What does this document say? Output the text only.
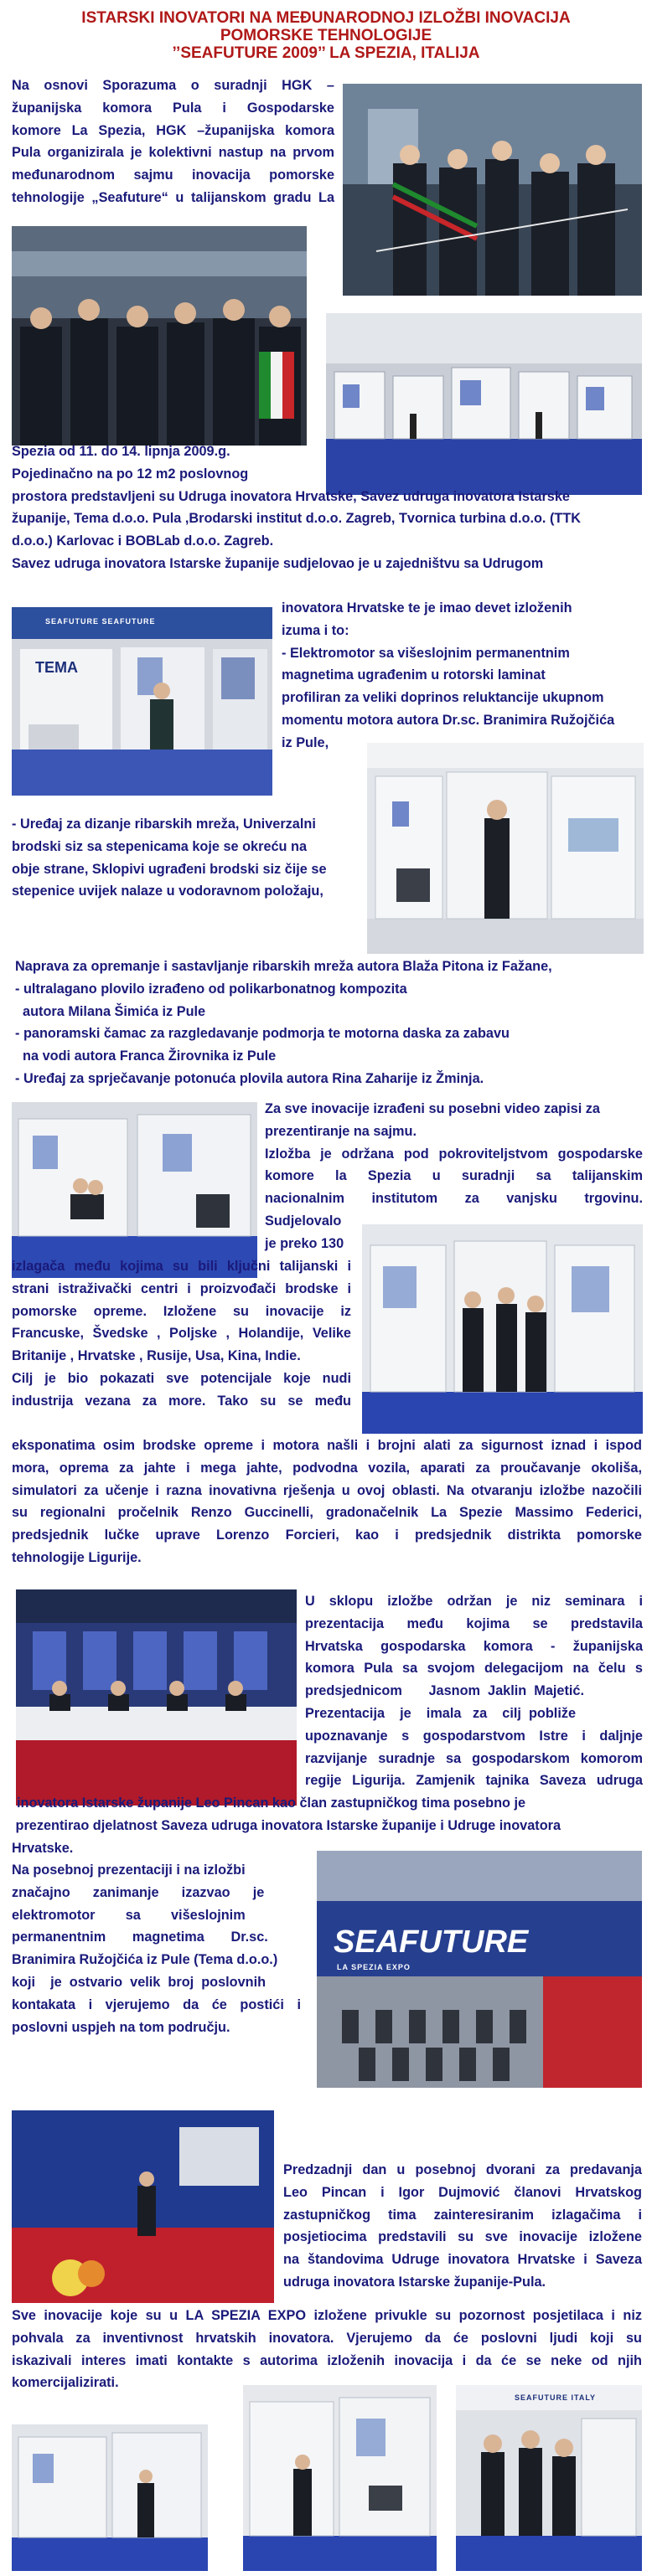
ISTARSKI INOVATORI NA MEĐUNARODNOJ IZLOŽBI INOVACIJA
POMORSKE TEHNOLOGIJE
’’SEAFUTURE 2009’’ LA SPEZIA, ITALIJA
SEAFUTURE SEAFUTURE
TEMA
SEAFUTURE
LA SPEZIA EXPO
SEAFUTURE ITALY
Na osnovi Sporazuma o suradnji HGK –
županijska komora Pula i Gospodarske
komore La Spezia, HGK –županijska komora
Pula organizirala je kolektivni nastup na prvom
međunarodnom sajmu inovacija pomorske
tehnologije „Seafuture“ u talijanskom gradu La
Spezia od 11. do 14. lipnja 2009.g.
Pojedinačno na po 12 m2 poslovnog
prostora predstavljeni su Udruga inovatora Hrvatske, Savez udruga inovatora Istarske
županije, Tema d.o.o. Pula ,Brodarski institut d.o.o. Zagreb, Tvornica turbina d.o.o. (TTK
d.o.o.) Karlovac i BOBLab d.o.o. Zagreb.
Savez udruga inovatora Istarske županije sudjelovao je u zajedništvu sa Udrugom
inovatora Hrvatske te je imao devet izloženih
izuma i to:
- Elektromotor sa višeslojnim permanentnim
magnetima ugrađenim u rotorski laminat
profiliran za veliki doprinos reluktancije ukupnom
momentu motora autora Dr.sc. Branimira Ružojčića
iz Pule,
- Uređaj za dizanje ribarskih mreža, Univerzalni
brodski siz sa stepenicama koje se okreću na
obje strane, Sklopivi ugrađeni brodski siz čije se
stepenice uvijek nalaze u vodoravnom položaju,
Naprava za opremanje i sastavljanje ribarskih mreža autora Blaža Pitona iz Fažane,
- ultralagano plovilo izrađeno od polikarbonatnog kompozita
autora Milana Šimića iz Pule
- panoramski čamac za razgledavanje podmorja te motorna daska za zabavu
na vodi autora Franca Žirovnika iz Pule
- Uređaj za sprječavanje potonuća plovila autora Rina Zaharije iz Žminja.
Za sve inovacije izrađeni su posebni video zapisi za
prezentiranje na sajmu.
Izložba je održana pod pokroviteljstvom gospodarske
komore la Spezia u suradnji sa talijanskim
nacionalnim institutom za vanjsku trgovinu.
Sudjelovalo
je preko 130
izlagača među kojima su bili ključni talijanski i
strani istraživački centri i proizvođači brodske i
pomorske opreme. Izložene su inovacije iz
Francuske, Švedske , Poljske , Holandije, Velike
Britanije , Hrvatske , Rusije, Usa, Kina, Indie.
Cilj je bio pokazati sve potencijale koje nudi
industrija vezana za more. Tako su se među
eksponatima osim brodske opreme i motora našli i brojni alati za sigurnost iznad i ispod
mora, oprema za jahte i mega jahte, podvodna vozila, aparati za proučavanje okoliša,
simulatori za učenje i razna inovativna rješenja u ovoj oblasti. Na otvaranju izložbe nazočili
su regionalni pročelnik Renzo Guccinelli, gradonačelnik La Spezie Massimo Federici,
predsjednik lučke uprave Lorenzo Forcieri, kao i predsjednik distrikta pomorske
tehnologije Ligurije.
U sklopu izložbe održan je niz seminara i
prezentacija među kojima se predstavila
Hrvatska gospodarska komora - županijska
komora Pula sa svojom delegacijom na čelu s
predsjednicom       Jasnom  Jaklin  Majetić.
Prezentacija    je    imala   za    cilj  pobliže
upoznavanje s gospodarstvom Istre i daljnje
razvijanje suradnje sa gospodarskom komorom
regije Ligurija. Zamjenik tajnika Saveza udruga
inovatora Istarske županije Leo Pincan kao član zastupničkog tima posebno je
prezentirao djelatnost Saveza udruga inovatora Istarske županije i Udruge inovatora
Hrvatske.
Na posebnoj prezentaciji i na izložbi
značajno      zanimanje      izazvao      je
elektromotor        sa        višeslojnim
permanentnim       magnetima       Dr.sc.
Branimira Ružojčića iz Pule (Tema d.o.o.)
koji    je  ostvario  velik  broj  poslovnih
kontakata i vjerujemo da će postići i
poslovni uspjeh na tom području.
Predzadnji dan u posebnoj dvorani za predavanja
Leo Pincan i Igor Dujmović članovi Hrvatskog
zastupničkog tima zainteresiranim izlagačima i
posjetiocima predstavili su sve inovacije izložene
na štandovima Udruge inovatora Hrvatske i Saveza
udruga inovatora Istarske županije-Pula.
Sve inovacije koje su u LA SPEZIA EXPO izložene privukle su pozornost posjetilaca i niz
pohvala za inventivnost hrvatskih inovatora. Vjerujemo da će poslovni ljudi koji su
iskazivali interes imati kontakte s autorima izloženih inovacija i da će se neke od njih
komercijalizirati.
